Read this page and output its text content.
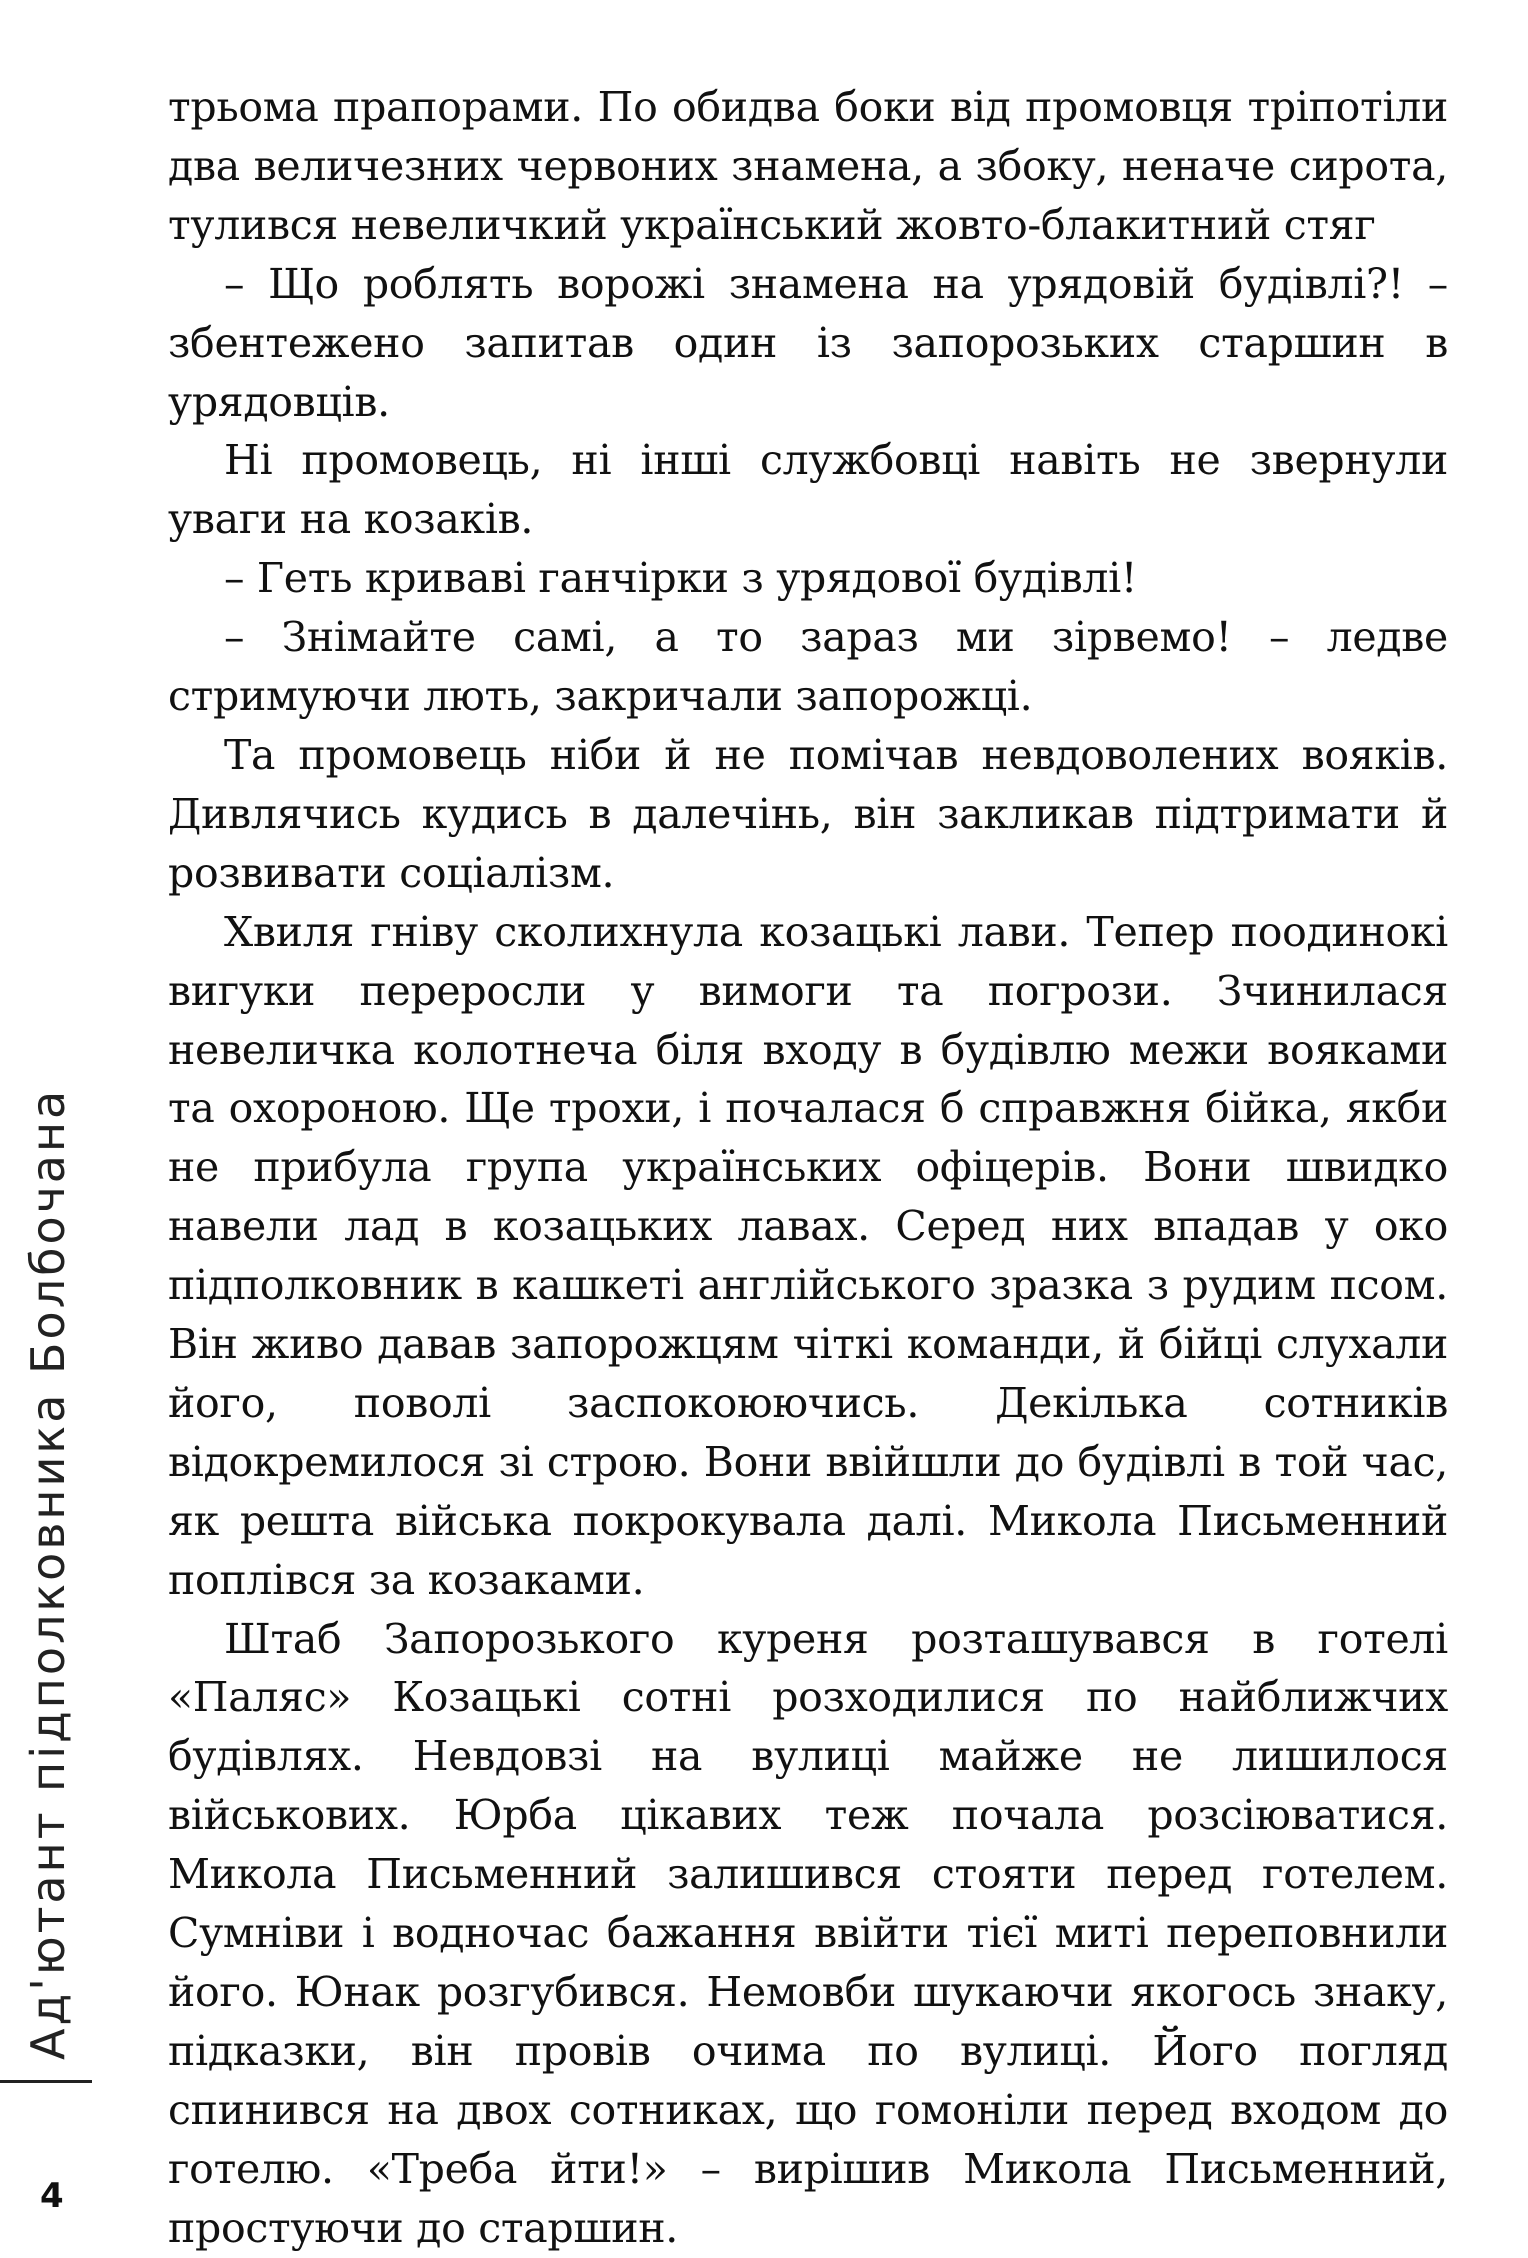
трьома прапорами. По обидва боки від промовця тріпотіли два величезних червоних знамена, а збоку, неначе сирота, тулився невеличкий український жовто-блакитний стяг

– Що роблять ворожі знамена на урядовій будівлі?! – збентежено запитав один із запорозьких старшин в урядовців.

Ні промовець, ні інші службовці навіть не звернули уваги на козаків.

– Геть криваві ганчірки з урядової будівлі!

– Знімайте самі, а то зараз ми зірвемо! – ледве стримуючи лють, закричали запорожці.

Та промовець ніби й не помічав невдоволених вояків. Дивлячись кудись в далечінь, він закликав підтримати й розвивати соціалізм.

Хвиля гніву сколихнула козацькі лави. Тепер поодинокі вигуки переросли у вимоги та погрози. Зчинилася невеличка колотнеча біля входу в будівлю межи вояками та охороною. Ще трохи, і почалася б справжня бійка, якби не прибула група українських офіцерів. Вони швидко навели лад в козацьких лавах. Серед них впадав у око підполковник в кашкеті англійського зразка з рудим псом. Він живо давав запорожцям чіткі команди, й бійці слухали його, поволі заспокоюючись. Декілька сотників відокремилося зі строю. Вони ввійшли до будівлі в той час, як решта війська покрокувала далі. Микола Письменний поплівся за козаками.

Штаб Запорозького куреня розташувався в готелі «Паляс» Козацькі сотні розходилися по найближчих будівлях. Невдовзі на вулиці майже не лишилося військових. Юрба цікавих теж почала розсіюватися. Микола Письменний залишився стояти перед готелем. Сумніви і водночас бажання ввійти тієї миті переповнили його. Юнак розгубився. Немовби шукаючи якогось знаку, підказки, він провів очима по вулиці. Його погляд спинився на двох сотниках, що гомоніли перед входом до готелю. «Треба йти!» – вирішив Микола Письменний, простуючи до старшин.

Ад'ютант підполковника Болбочана
4
